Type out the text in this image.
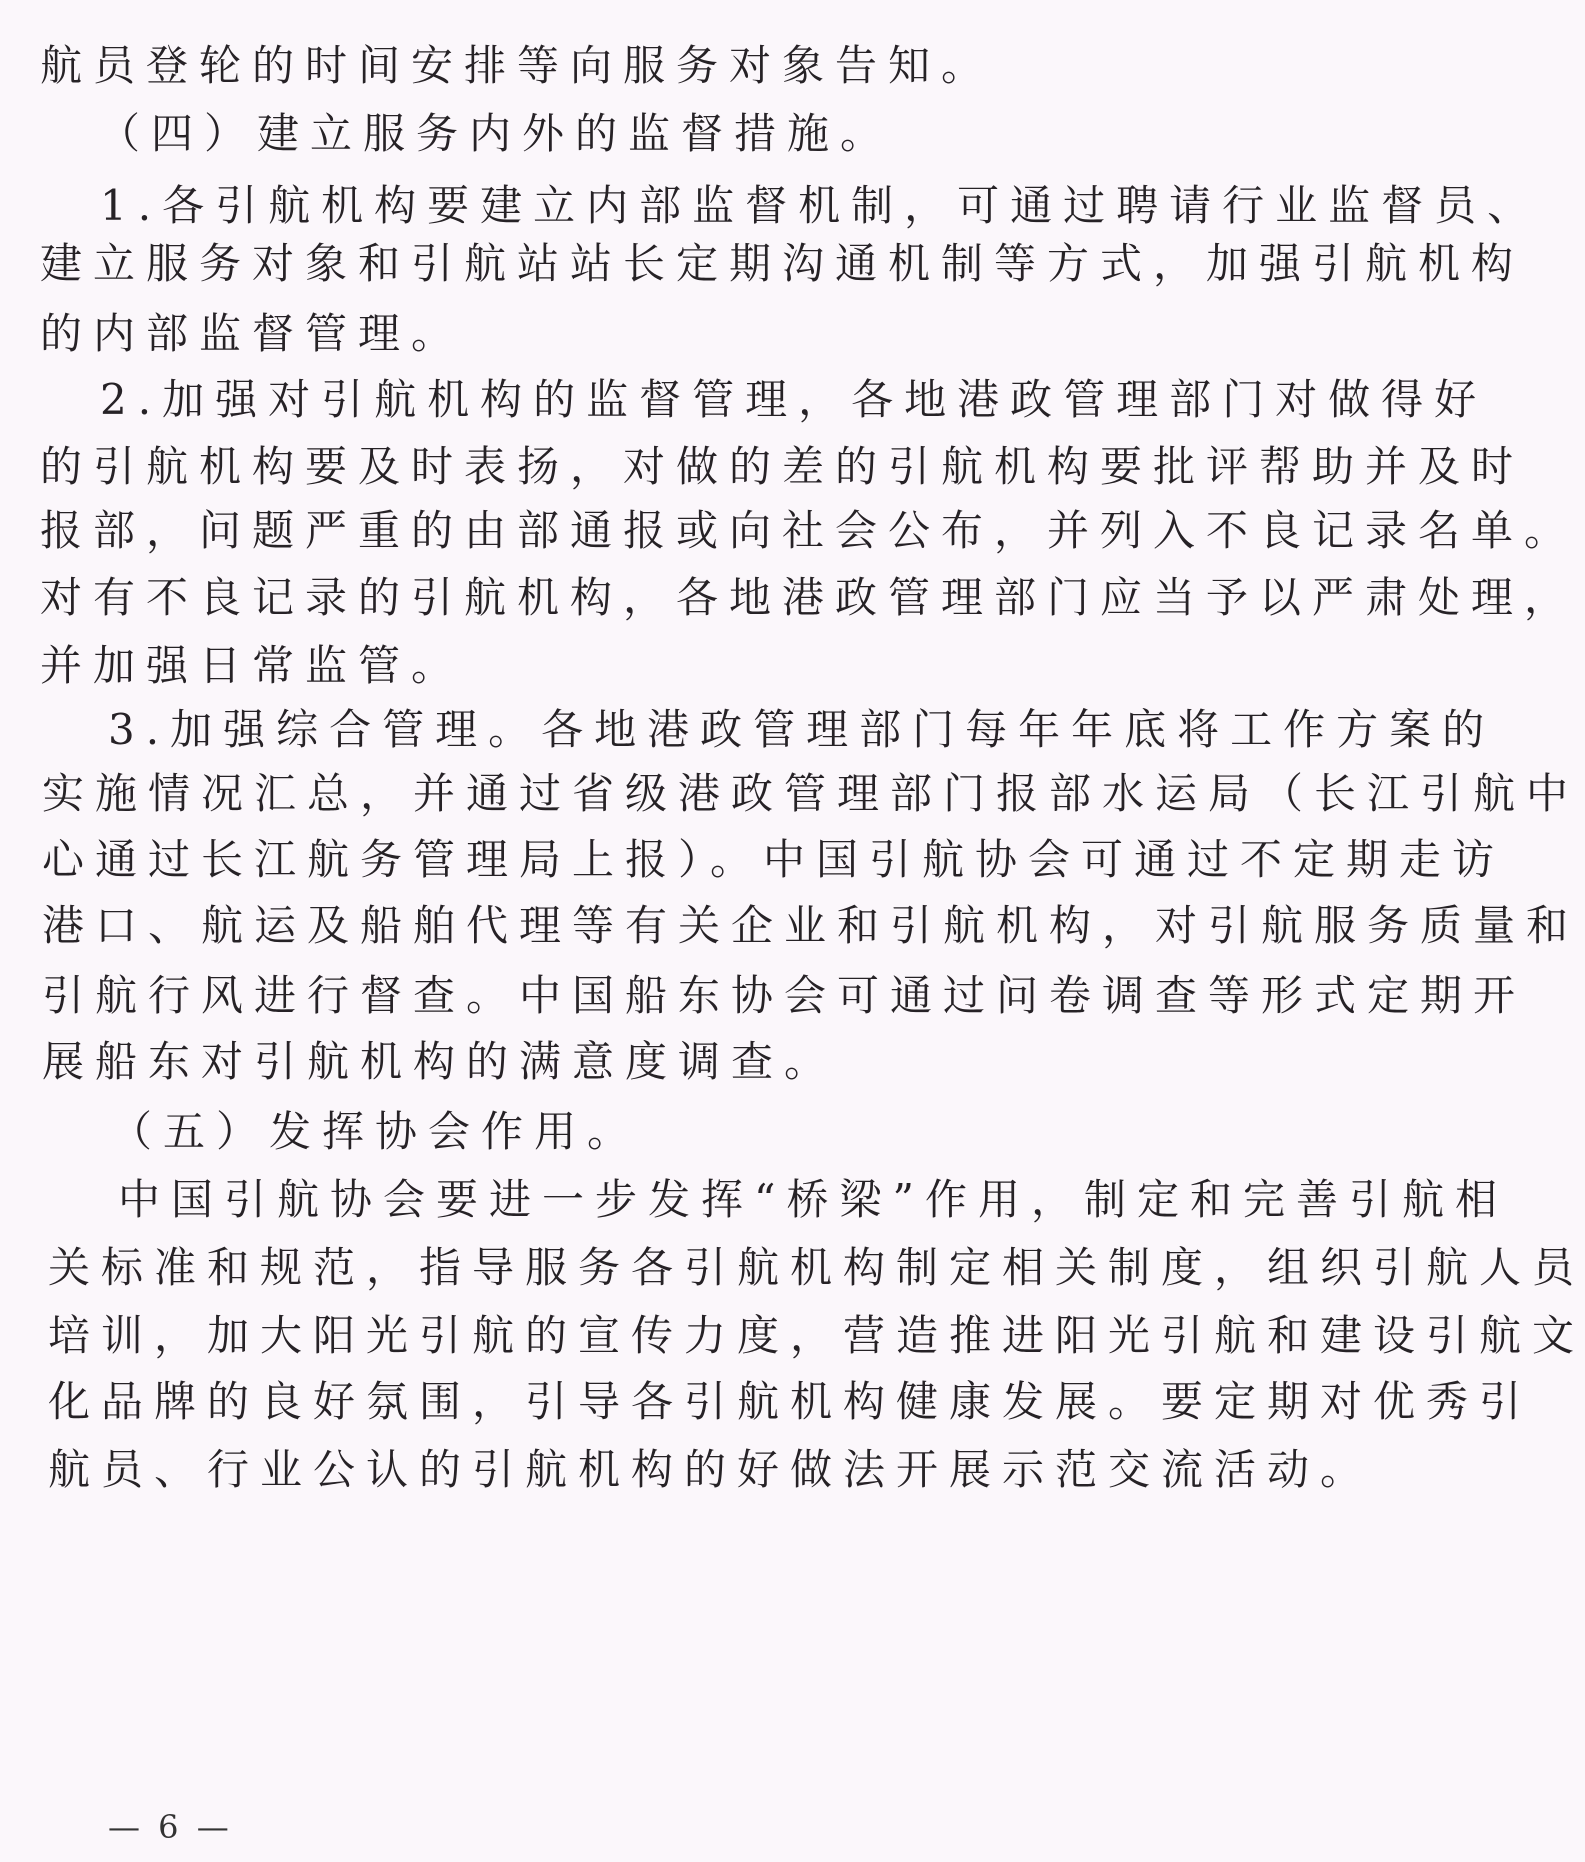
航员登轮的时间安排等向服务对象告知。
（四）建立服务内外的监督措施。
1.各引航机构要建立内部监督机制，可通过聘请行业监督员、
建立服务对象和引航站站长定期沟通机制等方式，加强引航机构
的内部监督管理。
2.加强对引航机构的监督管理，各地港政管理部门对做得好
的引航机构要及时表扬，对做的差的引航机构要批评帮助并及时
报部，问题严重的由部通报或向社会公布，并列入不良记录名单。
对有不良记录的引航机构，各地港政管理部门应当予以严肃处理，
并加强日常监管。
3.加强综合管理。各地港政管理部门每年年底将工作方案的
实施情况汇总，并通过省级港政管理部门报部水运局（长江引航中
心通过长江航务管理局上报）。中国引航协会可通过不定期走访
港口、航运及船舶代理等有关企业和引航机构，对引航服务质量和
引航行风进行督查。中国船东协会可通过问卷调查等形式定期开
展船东对引航机构的满意度调查。
（五）发挥协会作用。
中国引航协会要进一步发挥“桥梁”作用，制定和完善引航相
关标准和规范，指导服务各引航机构制定相关制度，组织引航人员
培训，加大阳光引航的宣传力度，营造推进阳光引航和建设引航文
化品牌的良好氛围，引导各引航机构健康发展。要定期对优秀引
航员、行业公认的引航机构的好做法开展示范交流活动。
— 6 —
